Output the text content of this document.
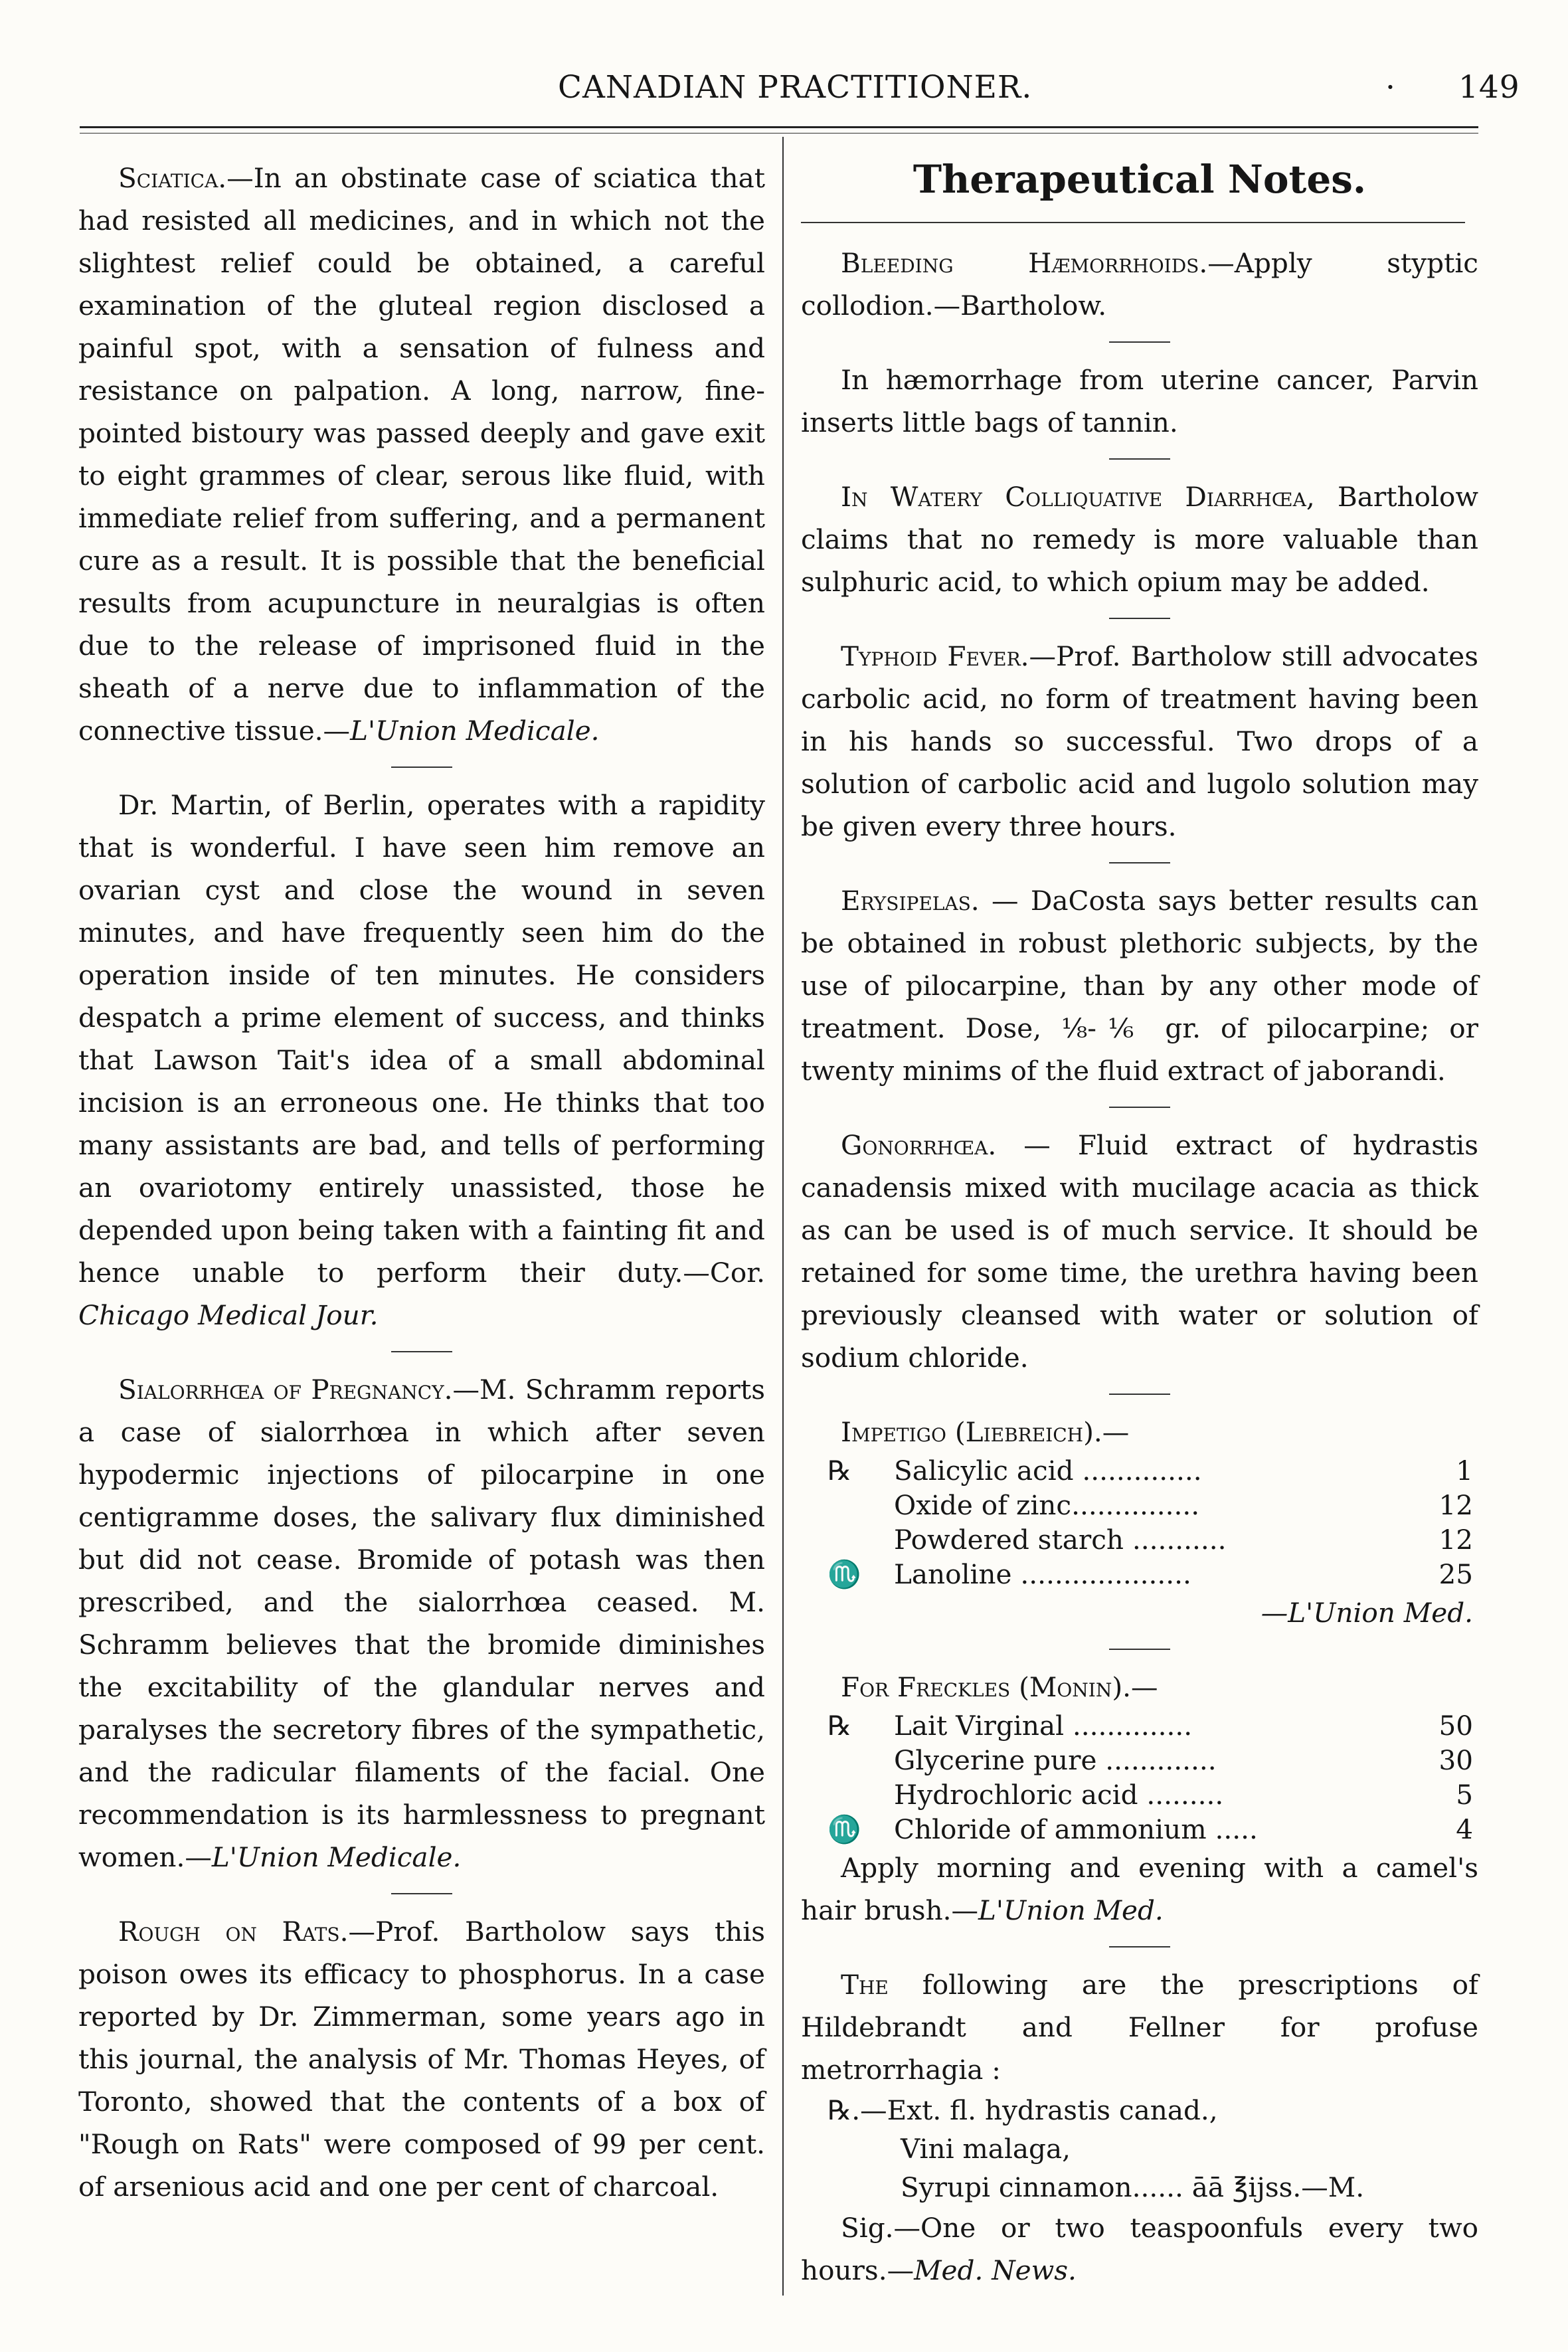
CANADIAN PRACTITIONER.	· 149

Sciatica.—In an obstinate case of sciatica that had resisted all medicines, and in which not the slightest relief could be obtained, a careful examination of the gluteal region disclosed a painful spot, with a sensation of fulness and resistance on palpation. A long, narrow, fine-pointed bistoury was passed deeply and gave exit to eight grammes of clear, serous like fluid, with immediate relief from suffering, and a permanent cure as a result. It is possible that the beneficial results from acupuncture in neuralgias is often due to the release of imprisoned fluid in the sheath of a nerve due to inflammation of the connective tissue.—L'Union Medicale.

Dr. Martin, of Berlin, operates with a rapidity that is wonderful. I have seen him remove an ovarian cyst and close the wound in seven minutes, and have frequently seen him do the operation inside of ten minutes. He considers despatch a prime element of success, and thinks that Lawson Tait's idea of a small abdominal incision is an erroneous one. He thinks that too many assistants are bad, and tells of performing an ovariotomy entirely unassisted, those he depended upon being taken with a fainting fit and hence unable to perform their duty.—Cor. Chicago Medical Jour.

Sialorrhœa of Pregnancy.—M. Schramm reports a case of sialorrhœa in which after seven hypodermic injections of pilocarpine in one centigramme doses, the salivary flux diminished but did not cease. Bromide of potash was then prescribed, and the sialorrhœa ceased. M. Schramm believes that the bromide diminishes the excitability of the glandular nerves and paralyses the secretory fibres of the sympathetic, and the radicular filaments of the facial. One recommendation is its harmlessness to pregnant women.—L'Union Medicale.

Rough on Rats.—Prof. Bartholow says this poison owes its efficacy to phosphorus. In a case reported by Dr. Zimmerman, some years ago in this journal, the analysis of Mr. Thomas Heyes, of Toronto, showed that the contents of a box of "Rough on Rats" were composed of 99 per cent. of arsenious acid and one per cent of charcoal.

Therapeutical Notes.

Bleeding Hæmorrhoids.—Apply styptic collodion.—Bartholow.

In hæmorrhage from uterine cancer, Parvin inserts little bags of tannin.

In Watery Colliquative Diarrhœa, Bartholow claims that no remedy is more valuable than sulphuric acid, to which opium may be added.

Typhoid Fever.—Prof. Bartholow still advocates carbolic acid, no form of treatment having been in his hands so successful. Two drops of a solution of carbolic acid and lugolo solution may be given every three hours.

Erysipelas. — DaCosta says better results can be obtained in robust plethoric subjects, by the use of pilocarpine, than by any other mode of treatment. Dose, ⅛-⅙ gr. of pilocarpine; or twenty minims of the fluid extract of jaborandi.

Gonorrhœa. — Fluid extract of hydrastis canadensis mixed with mucilage acacia as thick as can be used is of much service. It should be retained for some time, the urethra having been previously cleansed with water or solution of sodium chloride.

Impetigo (Liebreich).—

℞	Salicylic acid ..............	1
	Oxide of zinc...............	12
	Powdered starch ...........	12
♏	Lanoline ....................	25
—L'Union Med.

For Freckles (Monin).—

℞	Lait Virginal ..............	50
	Glycerine pure .............	30
	Hydrochloric acid .........	5
♏	Chloride of ammonium .....	4

Apply morning and evening with a camel's hair brush.—L'Union Med.

The following are the prescriptions of Hildebrandt and Fellner for profuse metrorrhagia :

℞.—Ext. fl. hydrastis canad.,
Vini malaga,
Syrupi cinnamon...... āā ℥ijss.—M.

Sig.—One or two teaspoonfuls every two hours.—Med. News.
